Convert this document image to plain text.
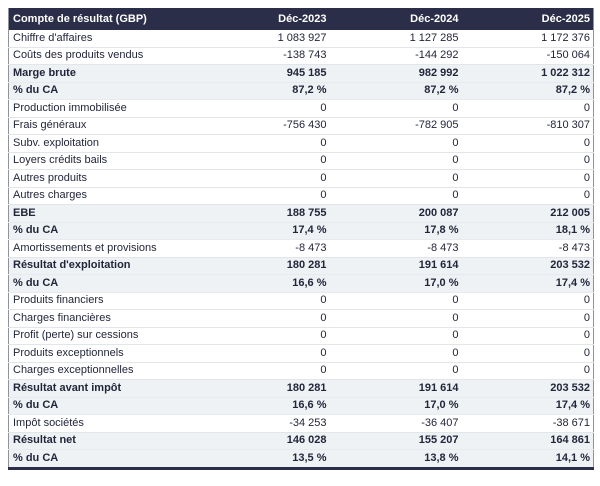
Compte de résultat (GBP)	Déc-2023	Déc-2024	Déc-2025
Chiffre d'affaires	1 083 927	1 127 285	1 172 376
Coûts des produits vendus	-138 743	-144 292	-150 064
Marge brute	945 185	982 992	1 022 312
% du CA	87,2 %	87,2 %	87,2 %
Production immobilisée	0	0	0
Frais généraux	-756 430	-782 905	-810 307
Subv. exploitation	0	0	0
Loyers crédits bails	0	0	0
Autres produits	0	0	0
Autres charges	0	0	0
EBE	188 755	200 087	212 005
% du CA	17,4 %	17,8 %	18,1 %
Amortissements et provisions	-8 473	-8 473	-8 473
Résultat d'exploitation	180 281	191 614	203 532
% du CA	16,6 %	17,0 %	17,4 %
Produits financiers	0	0	0
Charges financières	0	0	0
Profit (perte) sur cessions	0	0	0
Produits exceptionnels	0	0	0
Charges exceptionnelles	0	0	0
Résultat avant impôt	180 281	191 614	203 532
% du CA	16,6 %	17,0 %	17,4 %
Impôt sociétés	-34 253	-36 407	-38 671
Résultat net	146 028	155 207	164 861
% du CA	13,5 %	13,8 %	14,1 %
